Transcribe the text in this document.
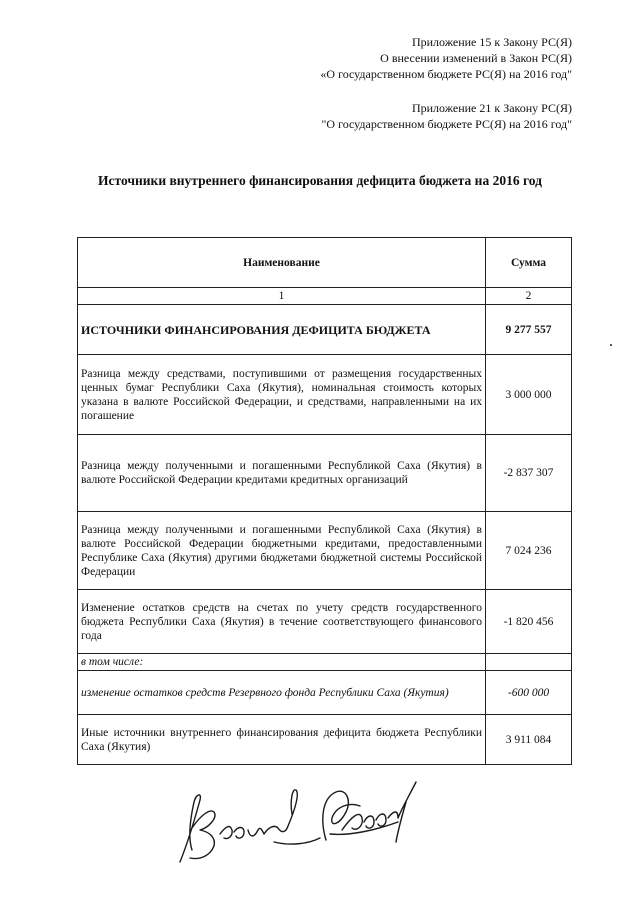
Приложение 15 к Закону РС(Я)
О внесении изменений в Закон РС(Я)
«О государственном бюджете РС(Я) на 2016 год"
Приложение 21 к Закону РС(Я)
"О государственном бюджете РС(Я) на 2016 год"
Источники внутреннего финансирования дефицита бюджета на 2016 год
Наименование	Сумма
1	2
ИСТОЧНИКИ ФИНАНСИРОВАНИЯ ДЕФИЦИТА БЮДЖЕТА	9 277 557
Разница между средствами, поступившими от размещения государственных ценных бумаг Республики Саха (Якутия), номинальная стоимость которых указана в валюте Российской Федерации, и средствами, направленными на их погашение	3 000 000
Разница между полученными и погашенными Республикой Саха (Якутия) в валюте Российской Федерации кредитами кредитных организаций	-2 837 307
Разница между полученными и погашенными Республикой Саха (Якутия) в валюте Российской Федерации бюджетными кредитами, предоставленными Республике Саха (Якутия) другими бюджетами бюджетной системы Российской Федерации	7 024 236
Изменение остатков средств на счетах по учету средств государственного бюджета Республики Саха (Якутия) в течение соответствующего финансового года	-1 820 456
в том числе:	
изменение остатков средств Резервного фонда Республики Саха (Якутия)	-600 000
Иные источники внутреннего финансирования дефицита бюджета Республики Саха (Якутия)	3 911 084
